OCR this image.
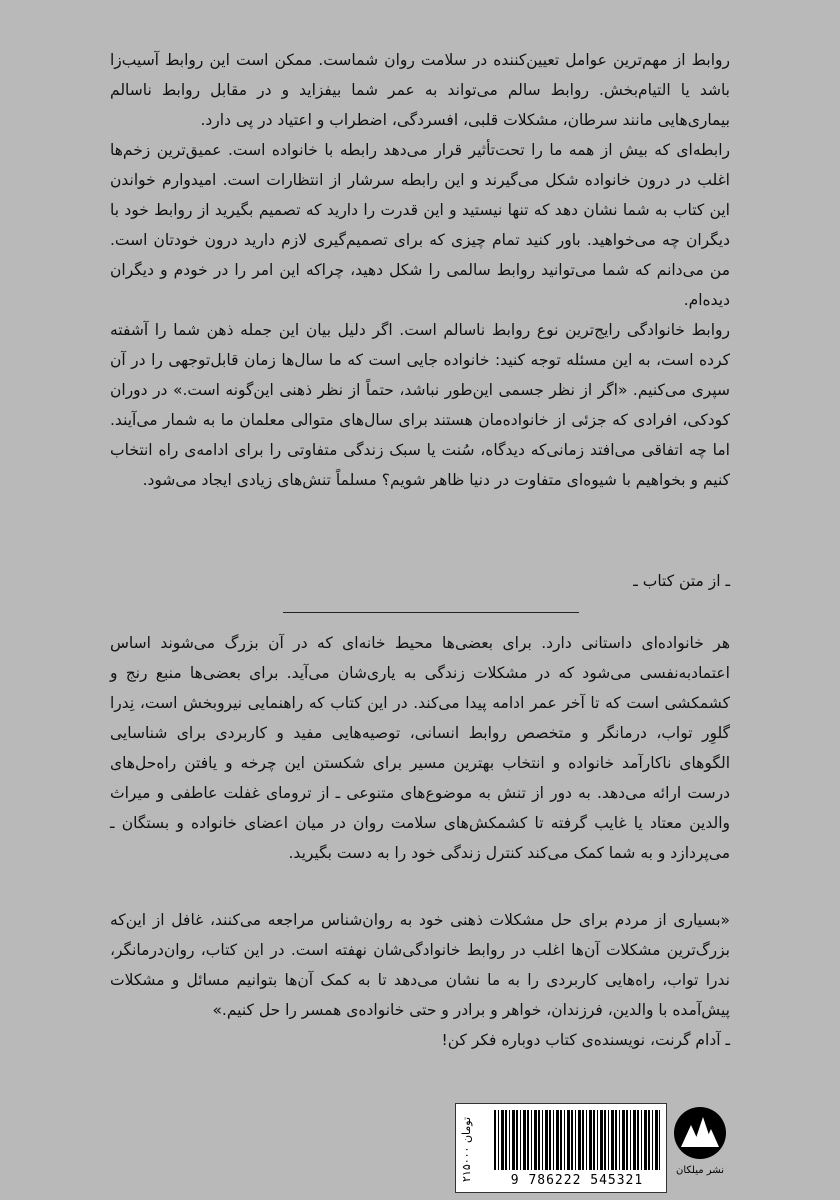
روابط از مهم‌ترین عوامل تعیین‌کننده در سلامت روان شماست. ممکن است این روابط آسیب‌زا باشد یا التیام‌بخش. روابط سالم می‌تواند به عمر شما بیفزاید و در مقابل روابط ناسالم بیماری‌هایی مانند سرطان، مشکلات قلبی، افسردگی، اضطراب و اعتیاد در پی دارد.

رابطه‌ای که بیش از همه ما را تحت‌تأثیر قرار می‌دهد رابطه با خانواده است. عمیق‌ترین زخم‌ها اغلب در درون خانواده شکل می‌گیرند و این رابطه سرشار از انتظارات است. امیدوارم خواندن این کتاب به شما نشان دهد که تنها نیستید و این قدرت را دارید که تصمیم بگیرید از روابط خود با دیگران چه می‌خواهید. باور کنید تمام چیزی که برای تصمیم‌گیری لازم دارید درون خودتان است. من می‌دانم که شما می‌توانید روابط سالمی را شکل دهید، چراکه این امر را در خودم و دیگران دیده‌ام.

روابط خانوادگی رایج‌ترین نوع روابط ناسالم است. اگر دلیل بیان این جمله ذهن شما را آشفته کرده است، به این مسئله توجه کنید: خانواده جایی است که ما سال‌ها زمان قابل‌توجهی را در آن سپری می‌کنیم. «اگر از نظر جسمی این‌طور نباشد، حتماً از نظر ذهنی این‌گونه است.» در دوران کودکی، افرادی که جزئی از خانواده‌مان هستند برای سال‌های متوالی معلمان ما به شمار می‌آیند. اما چه اتفاقی می‌افتد زمانی‌که دیدگاه، سُنت یا سبک زندگی متفاوتی را برای ادامه‌ی راه انتخاب کنیم و بخواهیم با شیوه‌ای متفاوت در دنیا ظاهر شویم؟ مسلماً تنش‌های زیادی ایجاد می‌شود.

ـ از متن کتاب ـ

هر خانواده‌ای داستانی دارد. برای بعضی‌ها محیط خانه‌ای که در آن بزرگ می‌شوند اساس اعتمادبه‌نفسی می‌شود که در مشکلات زندگی به یاری‌شان می‌آید. برای بعضی‌ها منبع رنج و کشمکشی است که تا آخر عمر ادامه پیدا می‌کند. در این کتاب که راهنمایی نیروبخش است، نِدرا گلوِر تواب، درمانگر و متخصص روابط انسانی، توصیه‌هایی مفید و کاربردی برای شناسایی الگوهای ناکارآمد خانواده و انتخاب بهترین مسیر برای شکستن این چرخه و یافتن راه‌حل‌های درست ارائه می‌دهد. به دور از تنش به موضوع‌های متنوعی ـ از ترومای غفلت عاطفی و میراث والدین معتاد یا غایب گرفته تا کشمکش‌های سلامت روان در میان اعضای خانواده و بستگان ـ می‌پردازد و به شما کمک می‌کند کنترل زندگی خود را به دست بگیرید.

«بسیاری از مردم برای حل مشکلات ذهنی خود به روان‌شناس مراجعه می‌کنند، غافل از این‌که بزرگ‌ترین مشکلات آن‌ها اغلب در روابط خانوادگی‌شان نهفته است. در این کتاب، روان‌درمانگر، ندرا تواب، راه‌هایی کاربردی را به ما نشان می‌دهد تا به کمک آن‌ها بتوانیم مسائل و مشکلات پیش‌آمده با والدین، فرزندان، خواهر و برادر و حتی خانواده‌ی همسر را حل کنیم.»

ـ آدام گرنت، نویسنده‌ی کتاب دوباره فکر کن!

۲۱۵۰۰۰ تومان
9 786222 545321
نشر میلکان
